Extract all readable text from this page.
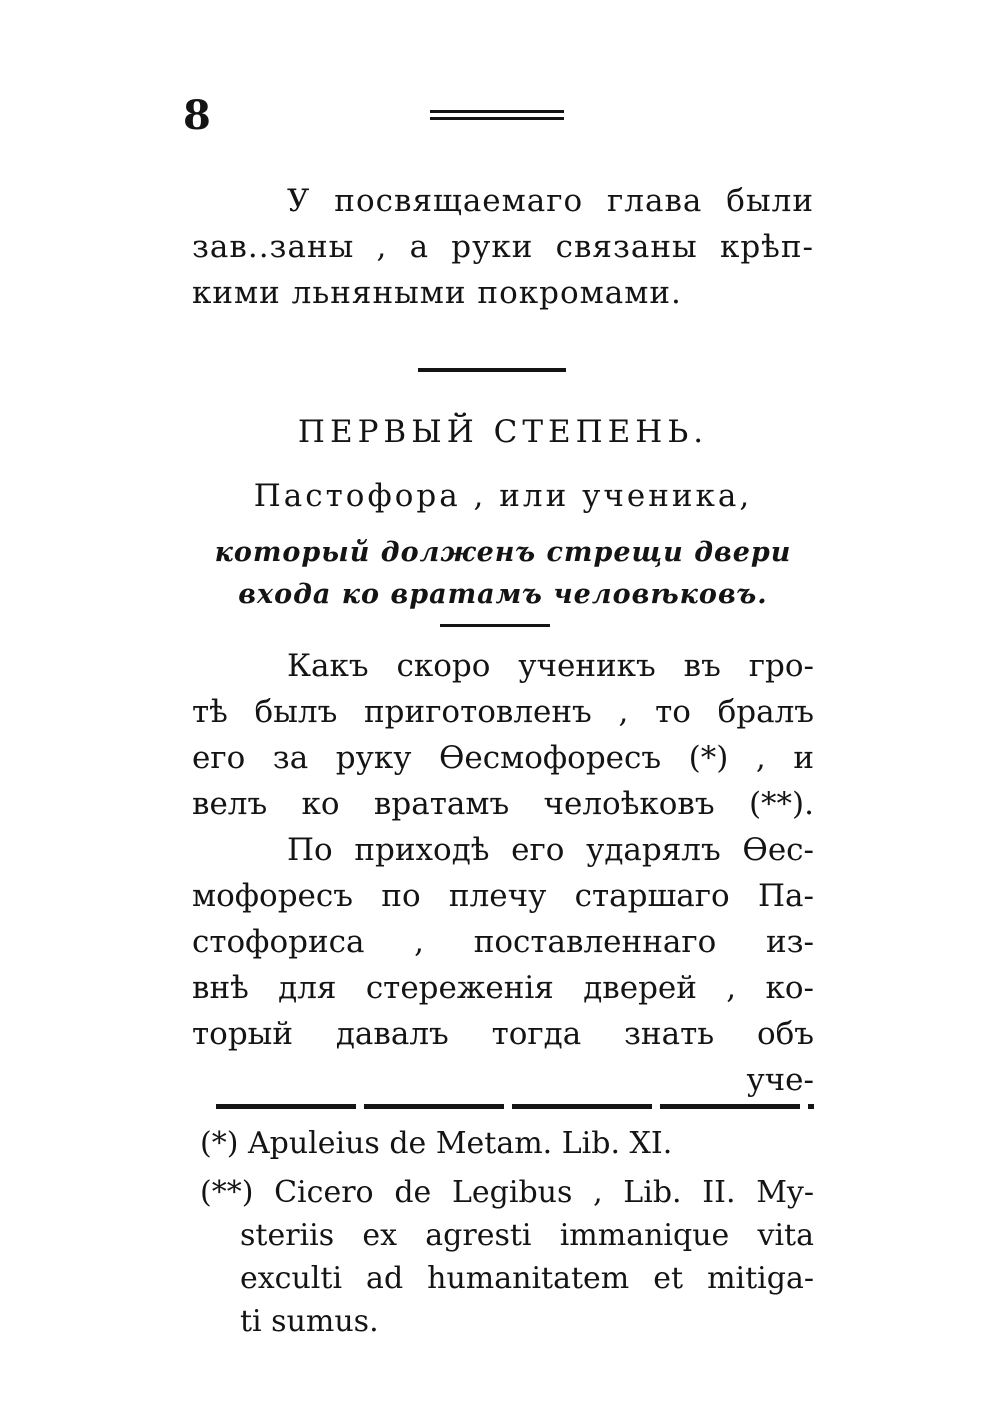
8
У посвящаемаго глава были
зав..заны , а руки связаны крѣп-
кими льняными покромами.
ПЕРВЫЙ СТЕПЕНЬ.
Пастофора , или ученика,
который долженъ стрещи двери
входа ко вратамъ человѣковъ.
Какъ скоро ученикъ въ гро-
тѣ былъ приготовленъ , то бралъ
его за руку Өесмофоресъ (*) , и
велъ ко вратамъ челоѣковъ (**).
По приходѣ его ударялъ Өес-
мофоресъ по плечу старшаго Па-
стофориса , поставленнаго из-
внѣ для стереженія дверей , ко-
торый давалъ тогда знать объ
уче-
(*) Apuleius de Metam. Lib. XI.
(**) Cicero de Legibus , Lib. II. My-
steriis ex agresti immanique vita
exculti ad humanitatem et mitiga-
ti sumus.
